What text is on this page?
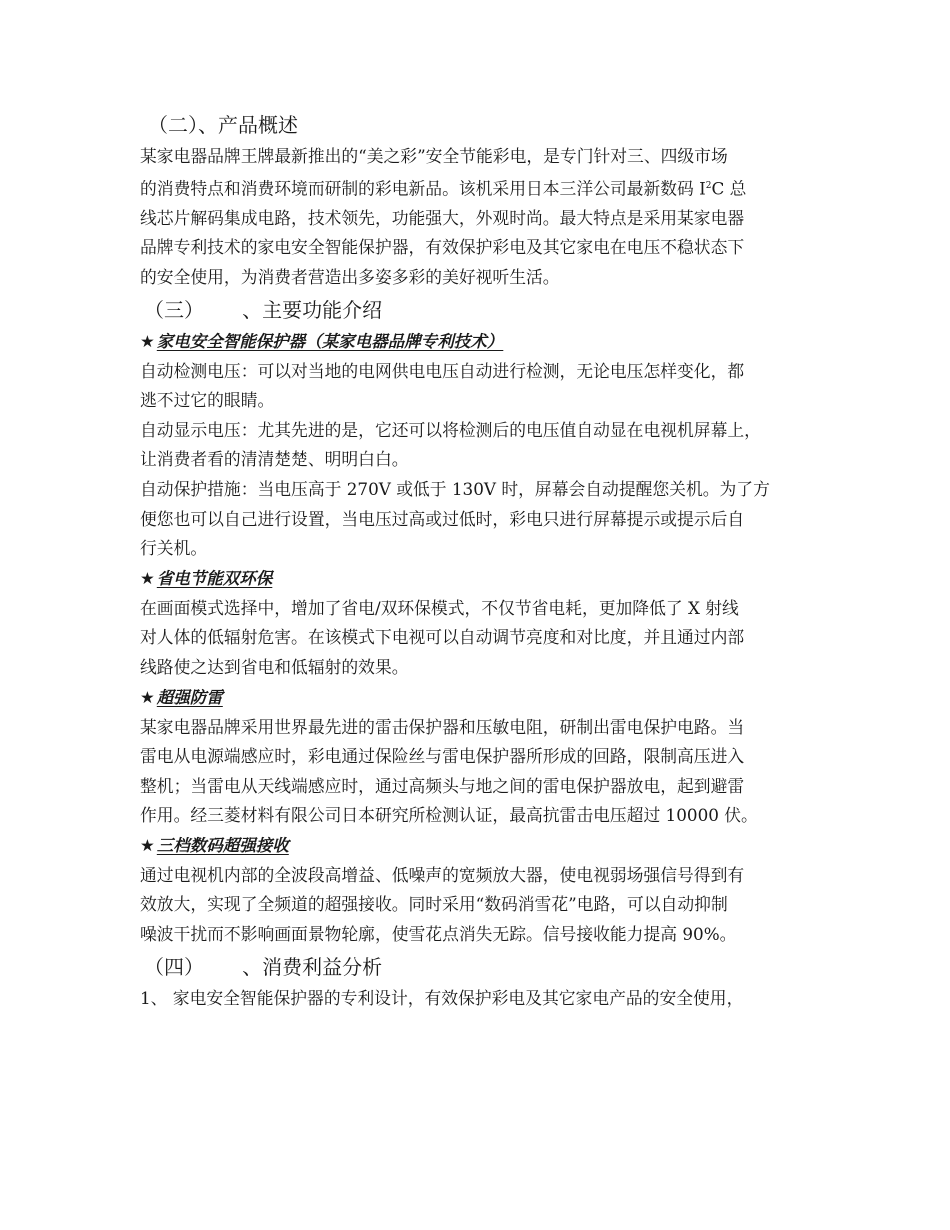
（二）、产品概述

某家电器品牌王牌最新推出的“美之彩”安全节能彩电，是专门针对三、四级市场
的消费特点和消费环境而研制的彩电新品。该机采用日本三洋公司最新数码 $I^2C$ 总
线芯片解码集成电路，技术领先，功能强大，外观时尚。最大特点是采用某家电器
品牌专利技术的家电安全智能保护器，有效保护彩电及其它家电在电压不稳状态下
的安全使用，为消费者营造出多姿多彩的美好视听生活。

（三）      、主要功能介绍

★ 家电安全智能保护器（某家电器品牌专利技术）

自动检测电压：可以对当地的电网供电电压自动进行检测，无论电压怎样变化，都
逃不过它的眼睛。
自动显示电压：尤其先进的是，它还可以将检测后的电压值自动显在电视机屏幕上，
让消费者看的清清楚楚、明明白白。
自动保护措施：当电压高于 270V 或低于 130V 时，屏幕会自动提醒您关机。为了方
便您也可以自己进行设置，当电压过高或过低时，彩电只进行屏幕提示或提示后自
行关机。

★ 省电节能双环保

在画面模式选择中，增加了省电/双环保模式，不仅节省电耗，更加降低了 X 射线
对人体的低辐射危害。在该模式下电视可以自动调节亮度和对比度，并且通过内部
线路使之达到省电和低辐射的效果。

★ 超强防雷

某家电器品牌采用世界最先进的雷击保护器和压敏电阻，研制出雷电保护电路。当
雷电从电源端感应时，彩电通过保险丝与雷电保护器所形成的回路，限制高压进入
整机；当雷电从天线端感应时，通过高频头与地之间的雷电保护器放电，起到避雷
作用。经三菱材料有限公司日本研究所检测认证，最高抗雷击电压超过 10000 伏。

★ 三档数码超强接收

通过电视机内部的全波段高增益、低噪声的宽频放大器，使电视弱场强信号得到有
效放大，实现了全频道的超强接收。同时采用“数码消雪花”电路，可以自动抑制
噪波干扰而不影响画面景物轮廓，使雪花点消失无踪。信号接收能力提高 90%。

（四）      、消费利益分析

1、 家电安全智能保护器的专利设计，有效保护彩电及其它家电产品的安全使用，
